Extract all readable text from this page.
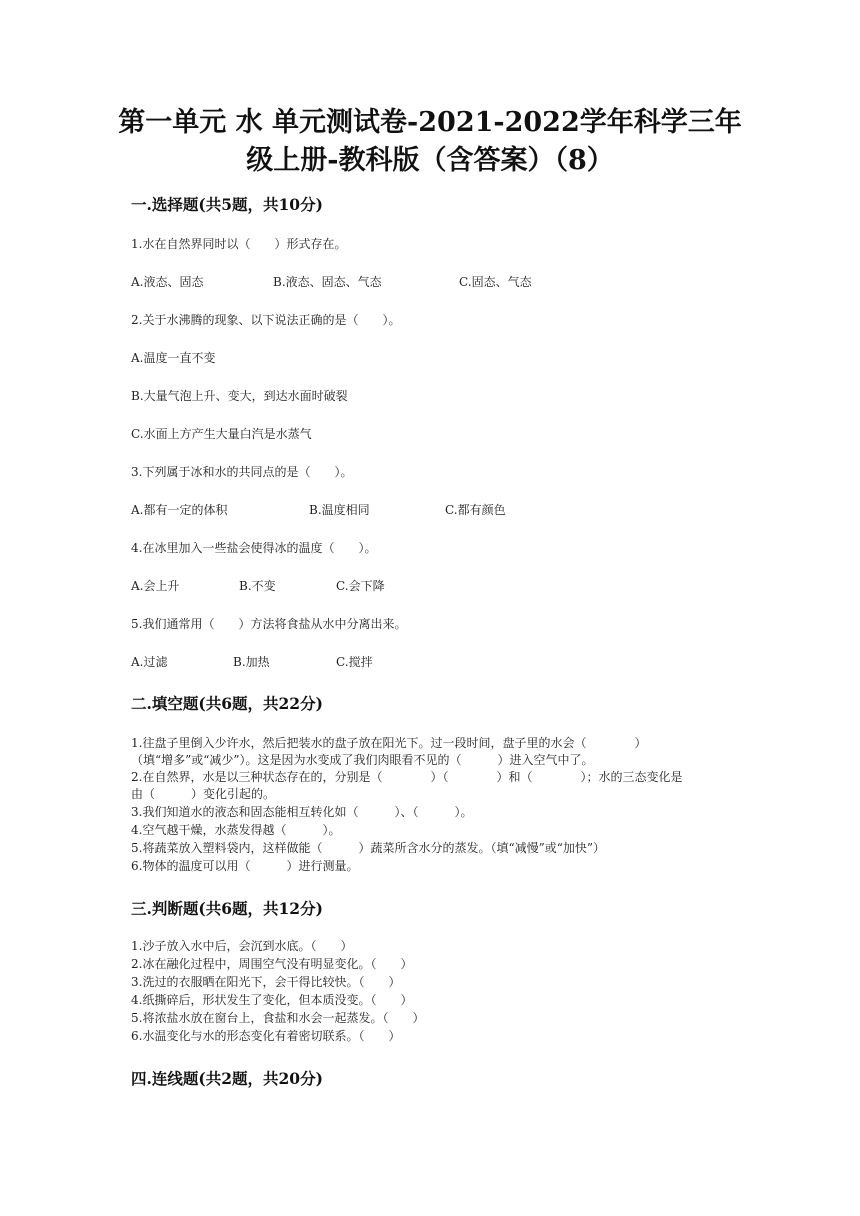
第一单元 水 单元测试卷-2021-2022学年科学三年
级上册-教科版（含答案）（8）
一.选择题(共5题，共10分)
1.水在自然界同时以（　　）形式存在。
A.液态、固态	B.液态、固态、气态	C.固态、气态
2.关于水沸腾的现象、以下说法正确的是（　　）。
A.温度一直不变
B.大量气泡上升、变大，到达水面时破裂
C.水面上方产生大量白汽是水蒸气
3.下列属于冰和水的共同点的是（　　）。
A.都有一定的体积	B.温度相同	C.都有颜色
4.在冰里加入一些盐会使得冰的温度（　　）。
A.会上升	B.不变	C.会下降
5.我们通常用（　　）方法将食盐从水中分离出来。
A.过滤	B.加热	C.搅拌
二.填空题(共6题，共22分)
1.往盘子里倒入少许水，然后把装水的盘子放在阳光下。过一段时间，盘子里的水会（　　　　）
（填“增多”或“减少”）。这是因为水变成了我们肉眼看不见的（　　　）进入空气中了。
2.在自然界，水是以三种状态存在的，分别是（　　　　）（　　　　）和（　　　　）；水的三态变化是
由（　　　）变化引起的。
3.我们知道水的液态和固态能相互转化如（　　　）、（　　　）。
4.空气越干燥，水蒸发得越（　　　）。
5.将蔬菜放入塑料袋内，这样做能（　　　）蔬菜所含水分的蒸发。（填“减慢”或“加快”）
6.物体的温度可以用（　　　）进行测量。
三.判断题(共6题，共12分)
1.沙子放入水中后，会沉到水底。（　　）
2.冰在融化过程中，周围空气没有明显变化。（　　）
3.洗过的衣服晒在阳光下，会干得比较快。（　　）
4.纸撕碎后，形状发生了变化，但本质没变。（　　）
5.将浓盐水放在窗台上，食盐和水会一起蒸发。（　　）
6.水温变化与水的形态变化有着密切联系。（　　）
四.连线题(共2题，共20分)
